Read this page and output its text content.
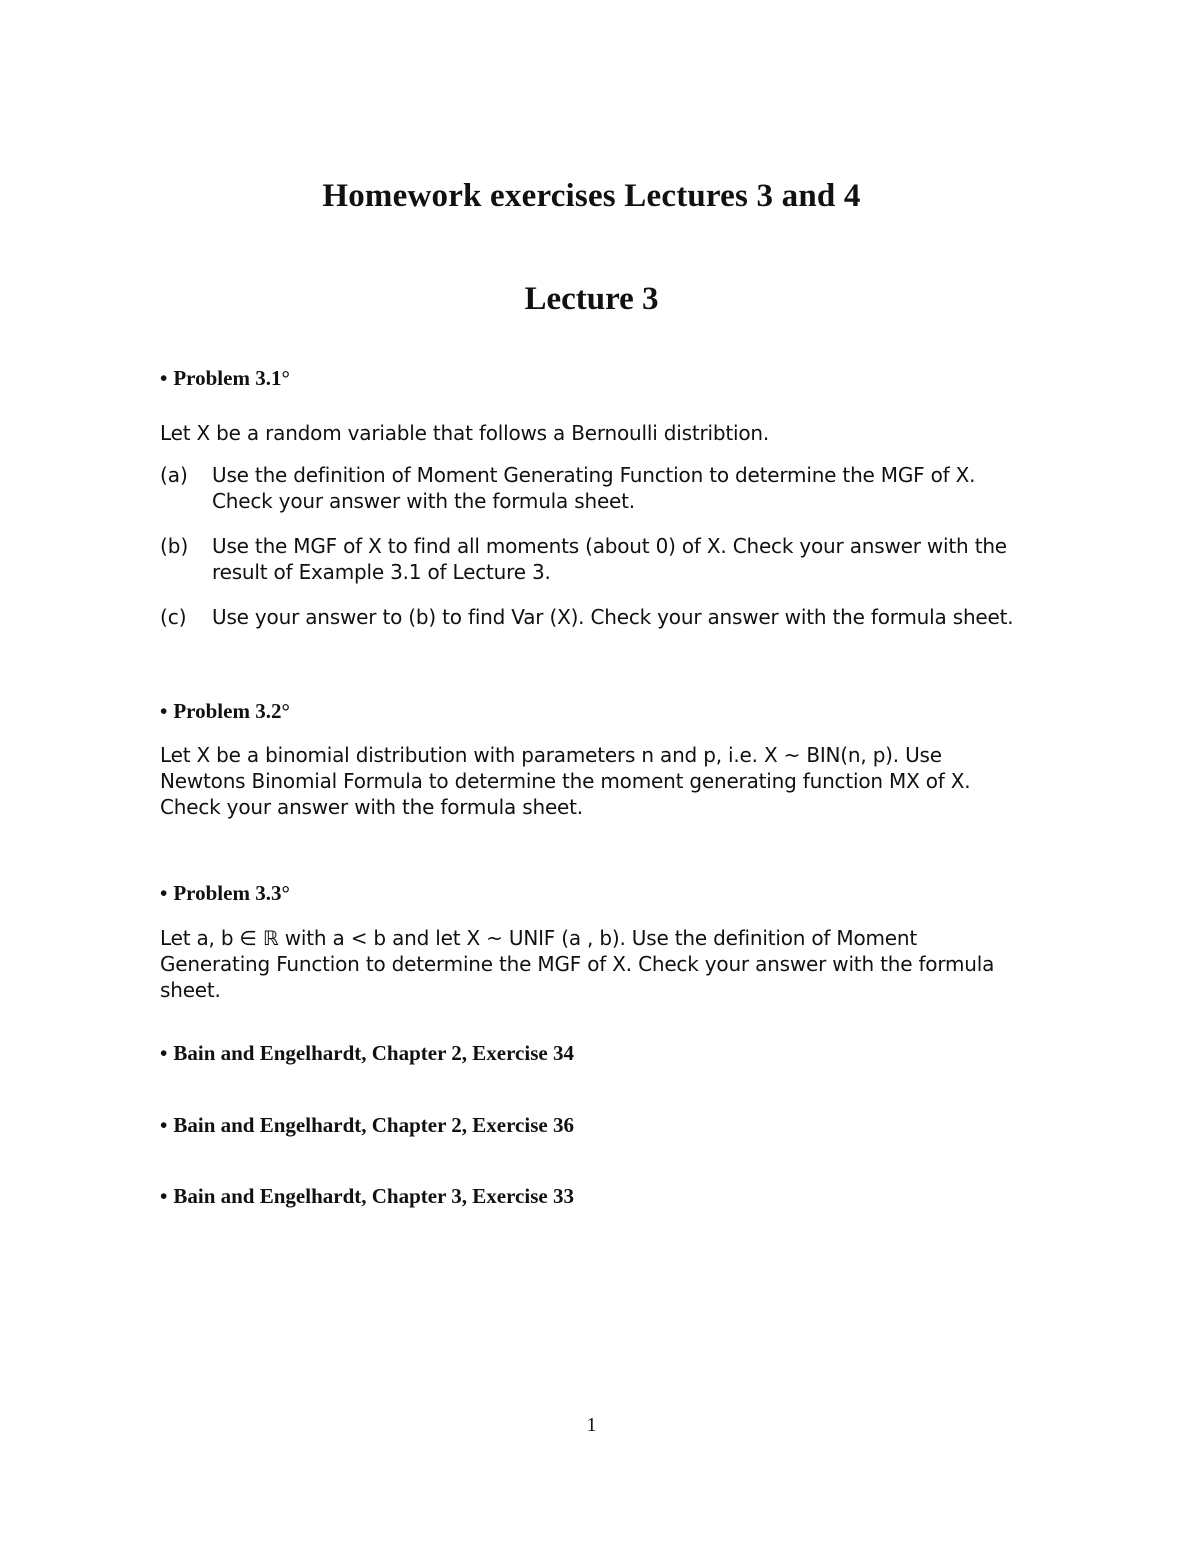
Homework exercises Lectures 3 and 4
Lecture 3
• Problem 3.1°
Let X be a random variable that follows a Bernoulli distribtion.
(a) Use the definition of Moment Generating Function to determine the MGF of X. Check your answer with the formula sheet.
(b) Use the MGF of X to find all moments (about 0) of X. Check your answer with the result of Example 3.1 of Lecture 3.
(c) Use your answer to (b) to find Var (X). Check your answer with the formula sheet.
• Problem 3.2°
Let X be a binomial distribution with parameters n and p, i.e. X ~ BIN(n, p). Use Newtons Binomial Formula to determine the moment generating function MX of X. Check your answer with the formula sheet.
• Problem 3.3°
Let a, b ∈ ℝ with a < b and let X ~ UNIF (a , b). Use the definition of Moment Generating Function to determine the MGF of X. Check your answer with the formula sheet.
• Bain and Engelhardt, Chapter 2, Exercise 34
• Bain and Engelhardt, Chapter 2, Exercise 36
• Bain and Engelhardt, Chapter 3, Exercise 33
1
